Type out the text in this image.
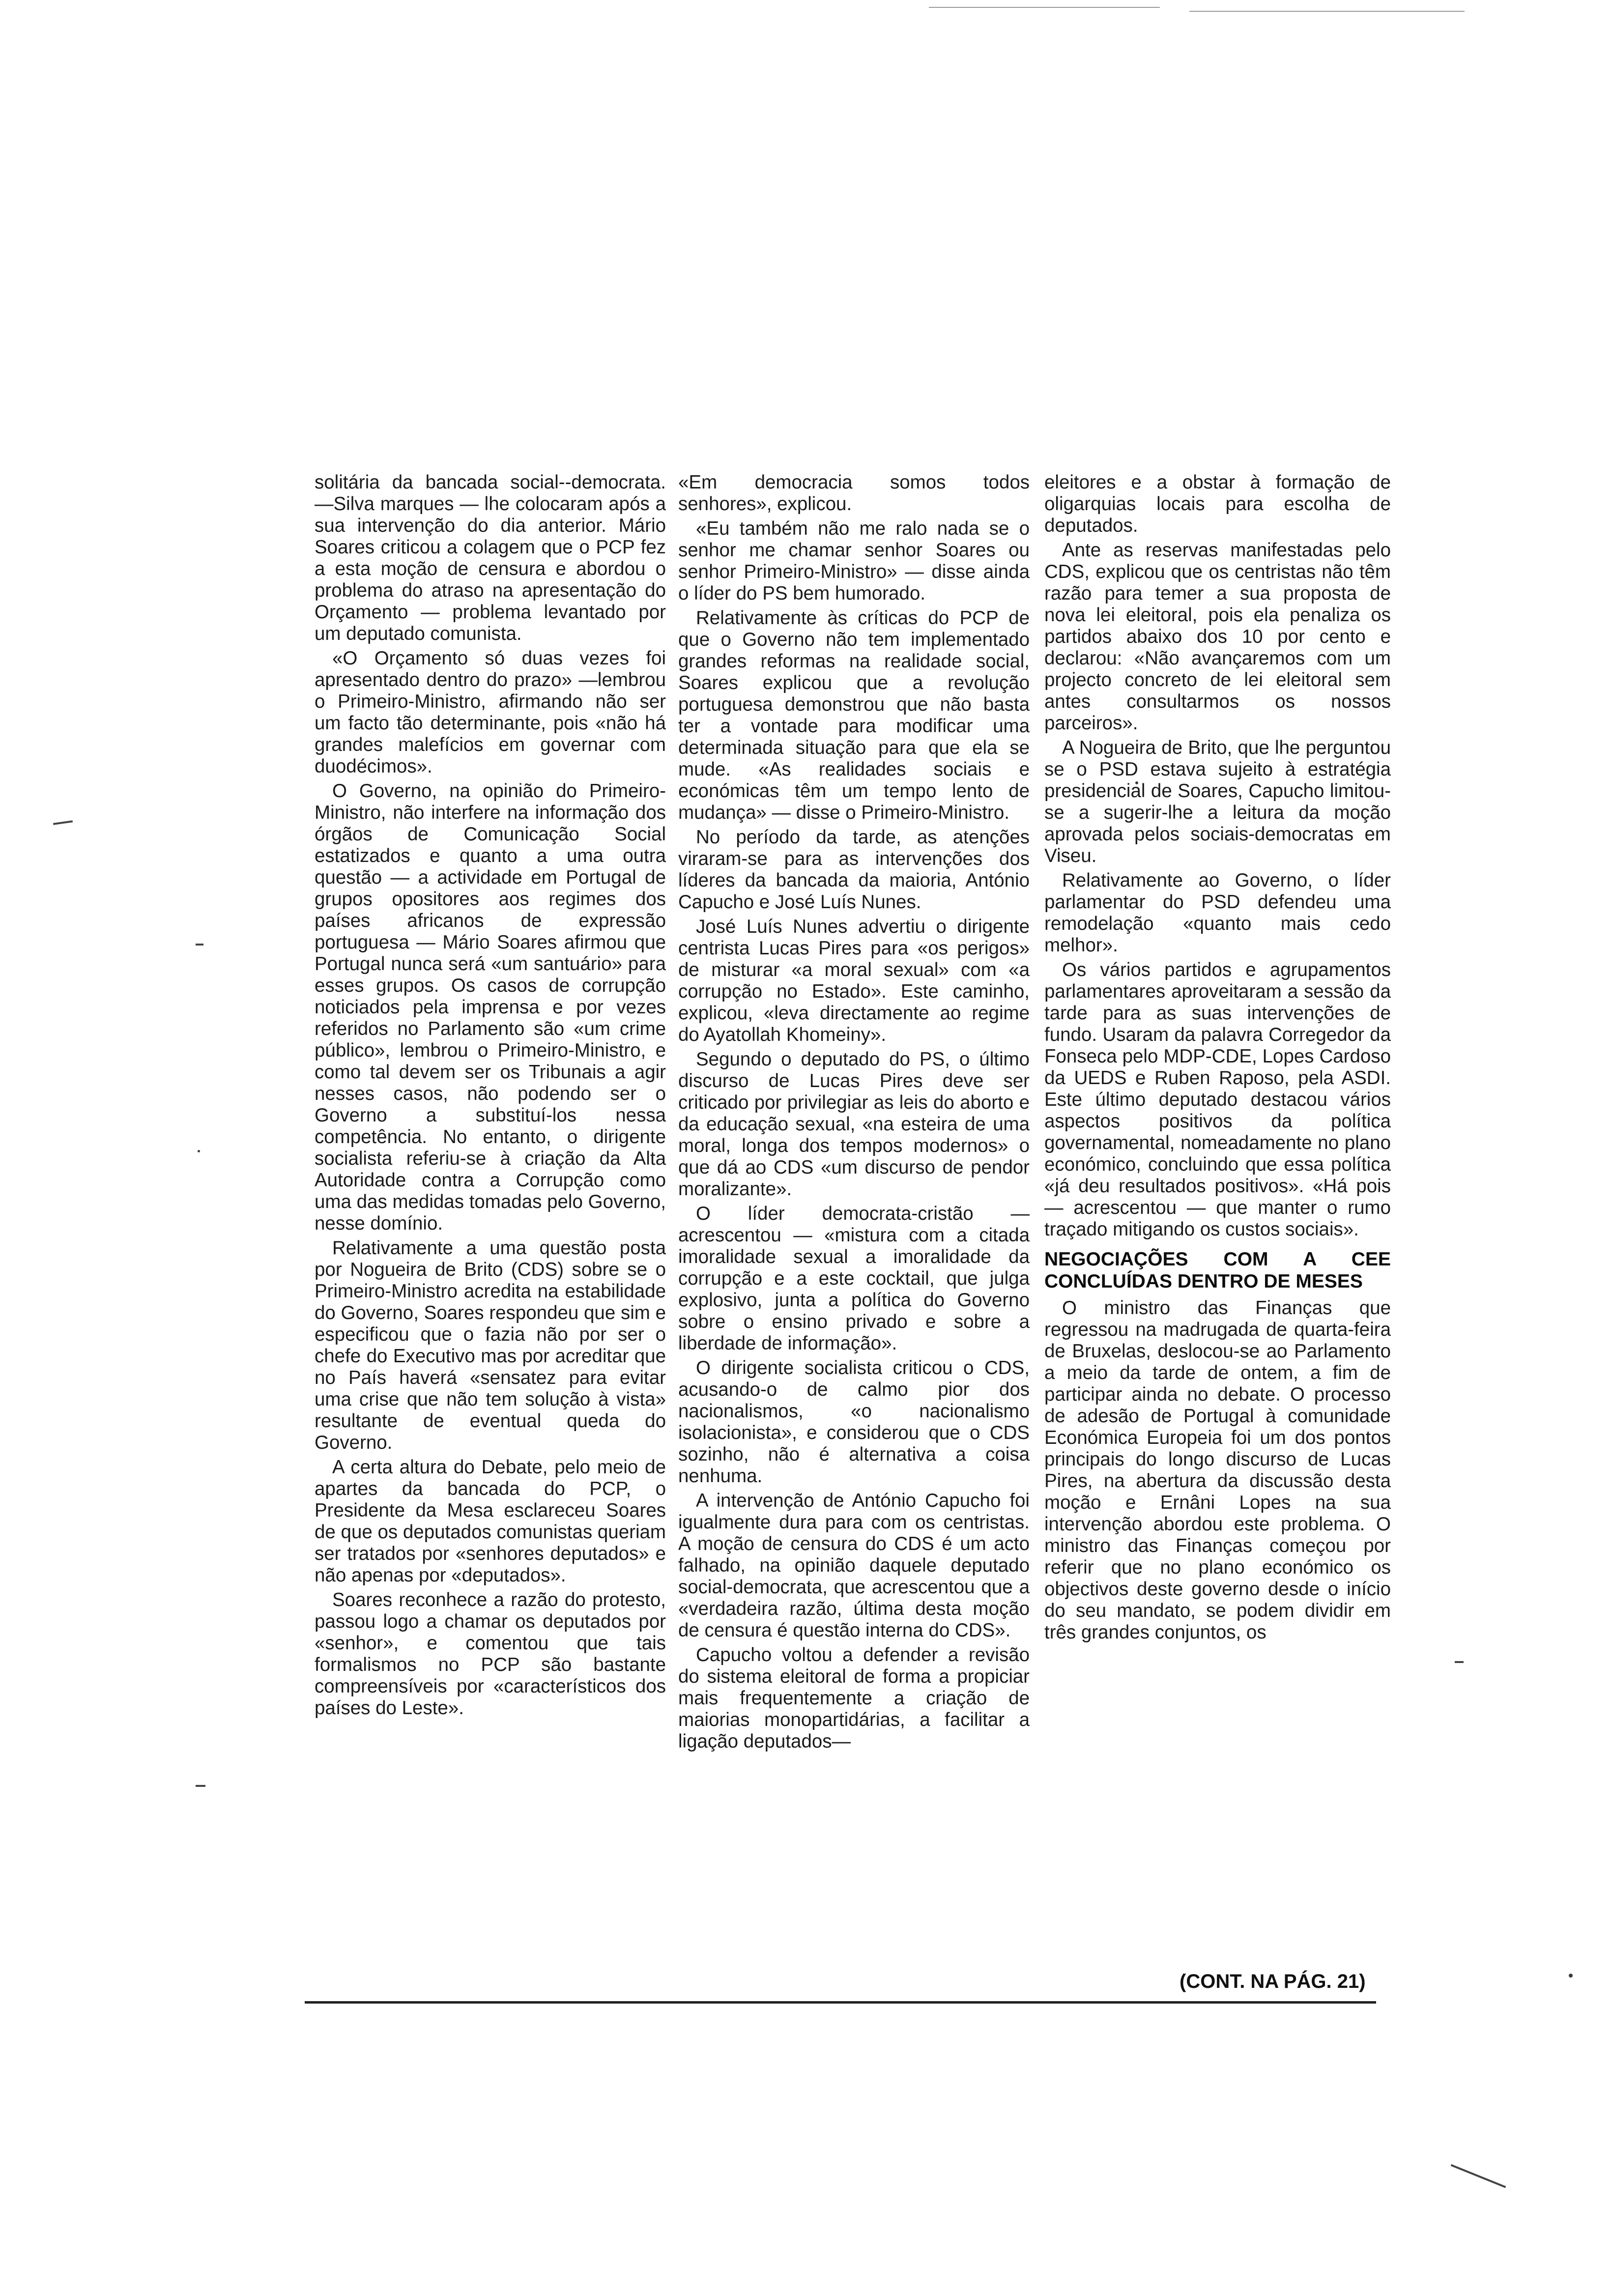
solitária da bancada social--democrata. —Silva marques — lhe colocaram após a sua intervenção do dia anterior. Mário Soares criticou a colagem que o PCP fez a esta moção de censura e abordou o problema do atraso na apresentação do Orçamento — problema levantado por um deputado comunista.

«O Orçamento só duas vezes foi apresentado dentro do prazo» —lembrou o Primeiro-Ministro, afirmando não ser um facto tão determinante, pois «não há grandes malefícios em governar com duodécimos».

O Governo, na opinião do Primeiro-Ministro, não interfere na informação dos órgãos de Comunicação Social estatizados e quanto a uma outra questão — a actividade em Portugal de grupos opositores aos regimes dos países africanos de expressão portuguesa — Mário Soares afirmou que Portugal nunca será «um santuário» para esses grupos. Os casos de corrupção noticiados pela imprensa e por vezes referidos no Parlamento são «um crime público», lembrou o Primeiro-Ministro, e como tal devem ser os Tribunais a agir nesses casos, não podendo ser o Governo a substituí-los nessa competência. No entanto, o dirigente socialista referiu-se à criação da Alta Autoridade contra a Corrupção como uma das medidas tomadas pelo Governo, nesse domínio.

Relativamente a uma questão posta por Nogueira de Brito (CDS) sobre se o Primeiro-Ministro acredita na estabilidade do Governo, Soares respondeu que sim e especificou que o fazia não por ser o chefe do Executivo mas por acreditar que no País haverá «sensatez para evitar uma crise que não tem solução à vista» resultante de eventual queda do Governo.

A certa altura do Debate, pelo meio de apartes da bancada do PCP, o Presidente da Mesa esclareceu Soares de que os deputados comunistas queriam ser tratados por «senhores deputados» e não apenas por «deputados».

Soares reconhece a razão do protesto, passou logo a chamar os deputados por «senhor», e comentou que tais formalismos no PCP são bastante compreensíveis por «característicos dos países do Leste».

«Em democracia somos todos senhores», explicou.

«Eu também não me ralo nada se o senhor me chamar senhor Soares ou senhor Primeiro-Ministro» — disse ainda o líder do PS bem humorado.

Relativamente às críticas do PCP de que o Governo não tem implementado grandes reformas na realidade social, Soares explicou que a revolução portuguesa demonstrou que não basta ter a vontade para modificar uma determinada situação para que ela se mude. «As realidades sociais e económicas têm um tempo lento de mudança» — disse o Primeiro-Ministro.

No período da tarde, as atenções viraram-se para as intervenções dos líderes da bancada da maioria, António Capucho e José Luís Nunes.

José Luís Nunes advertiu o dirigente centrista Lucas Pires para «os perigos» de misturar «a moral sexual» com «a corrupção no Estado». Este caminho, explicou, «leva directamente ao regime do Ayatollah Khomeiny».

Segundo o deputado do PS, o último discurso de Lucas Pires deve ser criticado por privilegiar as leis do aborto e da educação sexual, «na esteira de uma moral, longa dos tempos modernos» o que dá ao CDS «um discurso de pendor moralizante».

O líder democrata-cristão — acrescentou — «mistura com a citada imoralidade sexual a imoralidade da corrupção e a este cocktail, que julga explosivo, junta a política do Governo sobre o ensino privado e sobre a liberdade de informação».

O dirigente socialista criticou o CDS, acusando-o de calmo pior dos nacionalismos, «o nacionalismo isolacionista», e considerou que o CDS sozinho, não é alternativa a coisa nenhuma.

A intervenção de António Capucho foi igualmente dura para com os centristas. A moção de censura do CDS é um acto falhado, na opinião daquele deputado social-democrata, que acrescentou que a «verdadeira razão, última desta moção de censura é questão interna do CDS».

Capucho voltou a defender a revisão do sistema eleitoral de forma a propiciar mais frequentemente a criação de maiorias monopartidárias, a facilitar a ligação deputados—

eleitores e a obstar à formação de oligarquias locais para escolha de deputados.

Ante as reservas manifestadas pelo CDS, explicou que os centristas não têm razão para temer a sua proposta de nova lei eleitoral, pois ela penaliza os partidos abaixo dos 10 por cento e declarou: «Não avançaremos com um projecto concreto de lei eleitoral sem antes consultarmos os nossos parceiros».

A Nogueira de Brito, que lhe perguntou se o PSD estava sujeito à estratégia presidencial de Soares, Capucho limitou-se a sugerir-lhe a leitura da moção aprovada pelos sociais-democratas em Viseu.

Relativamente ao Governo, o líder parlamentar do PSD defendeu uma remodelação «quanto mais cedo melhor».

Os vários partidos e agrupamentos parlamentares aproveitaram a sessão da tarde para as suas intervenções de fundo. Usaram da palavra Corregedor da Fonseca pelo MDP-CDE, Lopes Cardoso da UEDS e Ruben Raposo, pela ASDI. Este último deputado destacou vários aspectos positivos da política governamental, nomeadamente no plano económico, concluindo que essa política «já deu resultados positivos». «Há pois — acrescentou — que manter o rumo traçado mitigando os custos sociais».

NEGOCIAÇÕES COM A CEE CONCLUÍDAS DENTRO DE MESES

O ministro das Finanças que regressou na madrugada de quarta-feira de Bruxelas, deslocou-se ao Parlamento a meio da tarde de ontem, a fim de participar ainda no debate. O processo de adesão de Portugal à comunidade Económica Europeia foi um dos pontos principais do longo discurso de Lucas Pires, na abertura da discussão desta moção e Ernâni Lopes na sua intervenção abordou este problema. O ministro das Finanças começou por referir que no plano económico os objectivos deste governo desde o início do seu mandato, se podem dividir em três grandes conjuntos, os

(CONT. NA PÁG. 21)
